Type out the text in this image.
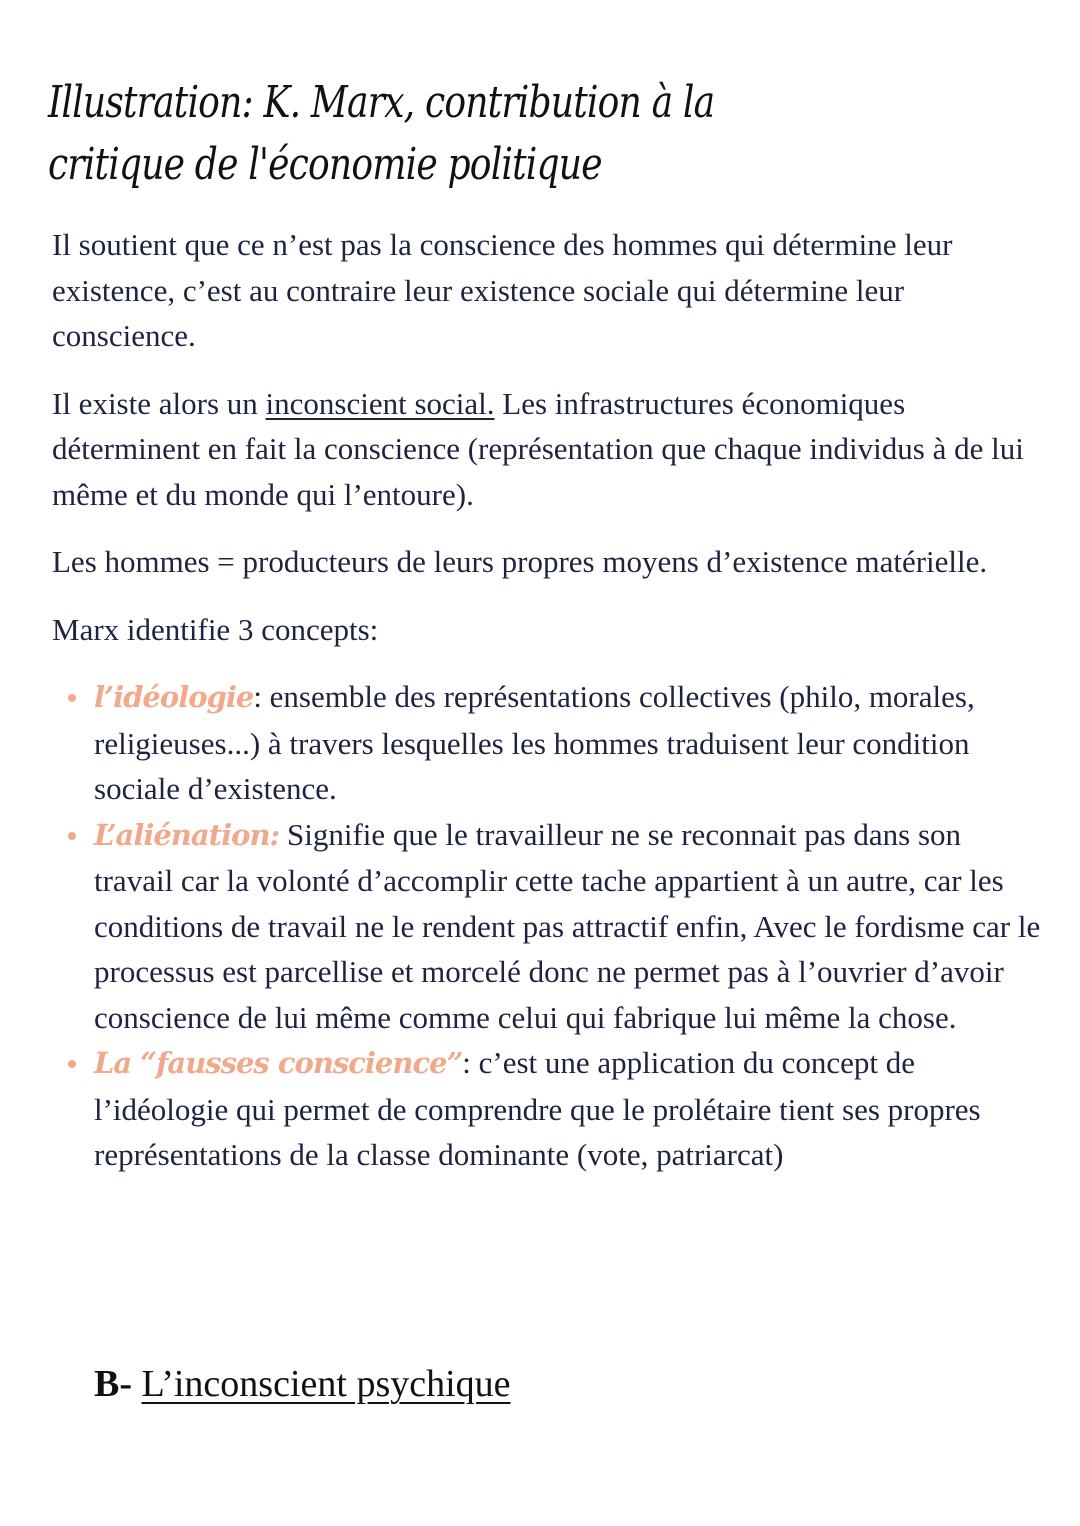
Illustration: K. Marx, contribution à la critique de l'économie politique

Il soutient que ce n’est pas la conscience des hommes qui détermine leur existence, c’est au contraire leur existence sociale qui détermine leur conscience.

Il existe alors un inconscient social. Les infrastructures économiques déterminent en fait la conscience (représentation que chaque individus à de lui même et du monde qui l’entoure).

Les hommes = producteurs de leurs propres moyens d’existence matérielle.

Marx identifie 3 concepts:

l’idéologie: ensemble des représentations collectives (philo, morales, religieuses...) à travers lesquelles les hommes traduisent leur condition sociale d’existence.
L’aliénation: Signifie que le travailleur ne se reconnait pas dans son travail car la volonté d’accomplir cette tache appartient à un autre, car les conditions de travail ne le rendent pas attractif enfin, Avec le fordisme car le processus est parcellise et morcelé donc ne permet pas à l’ouvrier d’avoir conscience de lui même comme celui qui fabrique lui même la chose.
La “fausses conscience”: c’est une application du concept de l’idéologie qui permet de comprendre que le prolétaire tient ses propres représentations de la classe dominante (vote, patriarcat)
B- L’inconscient psychique
